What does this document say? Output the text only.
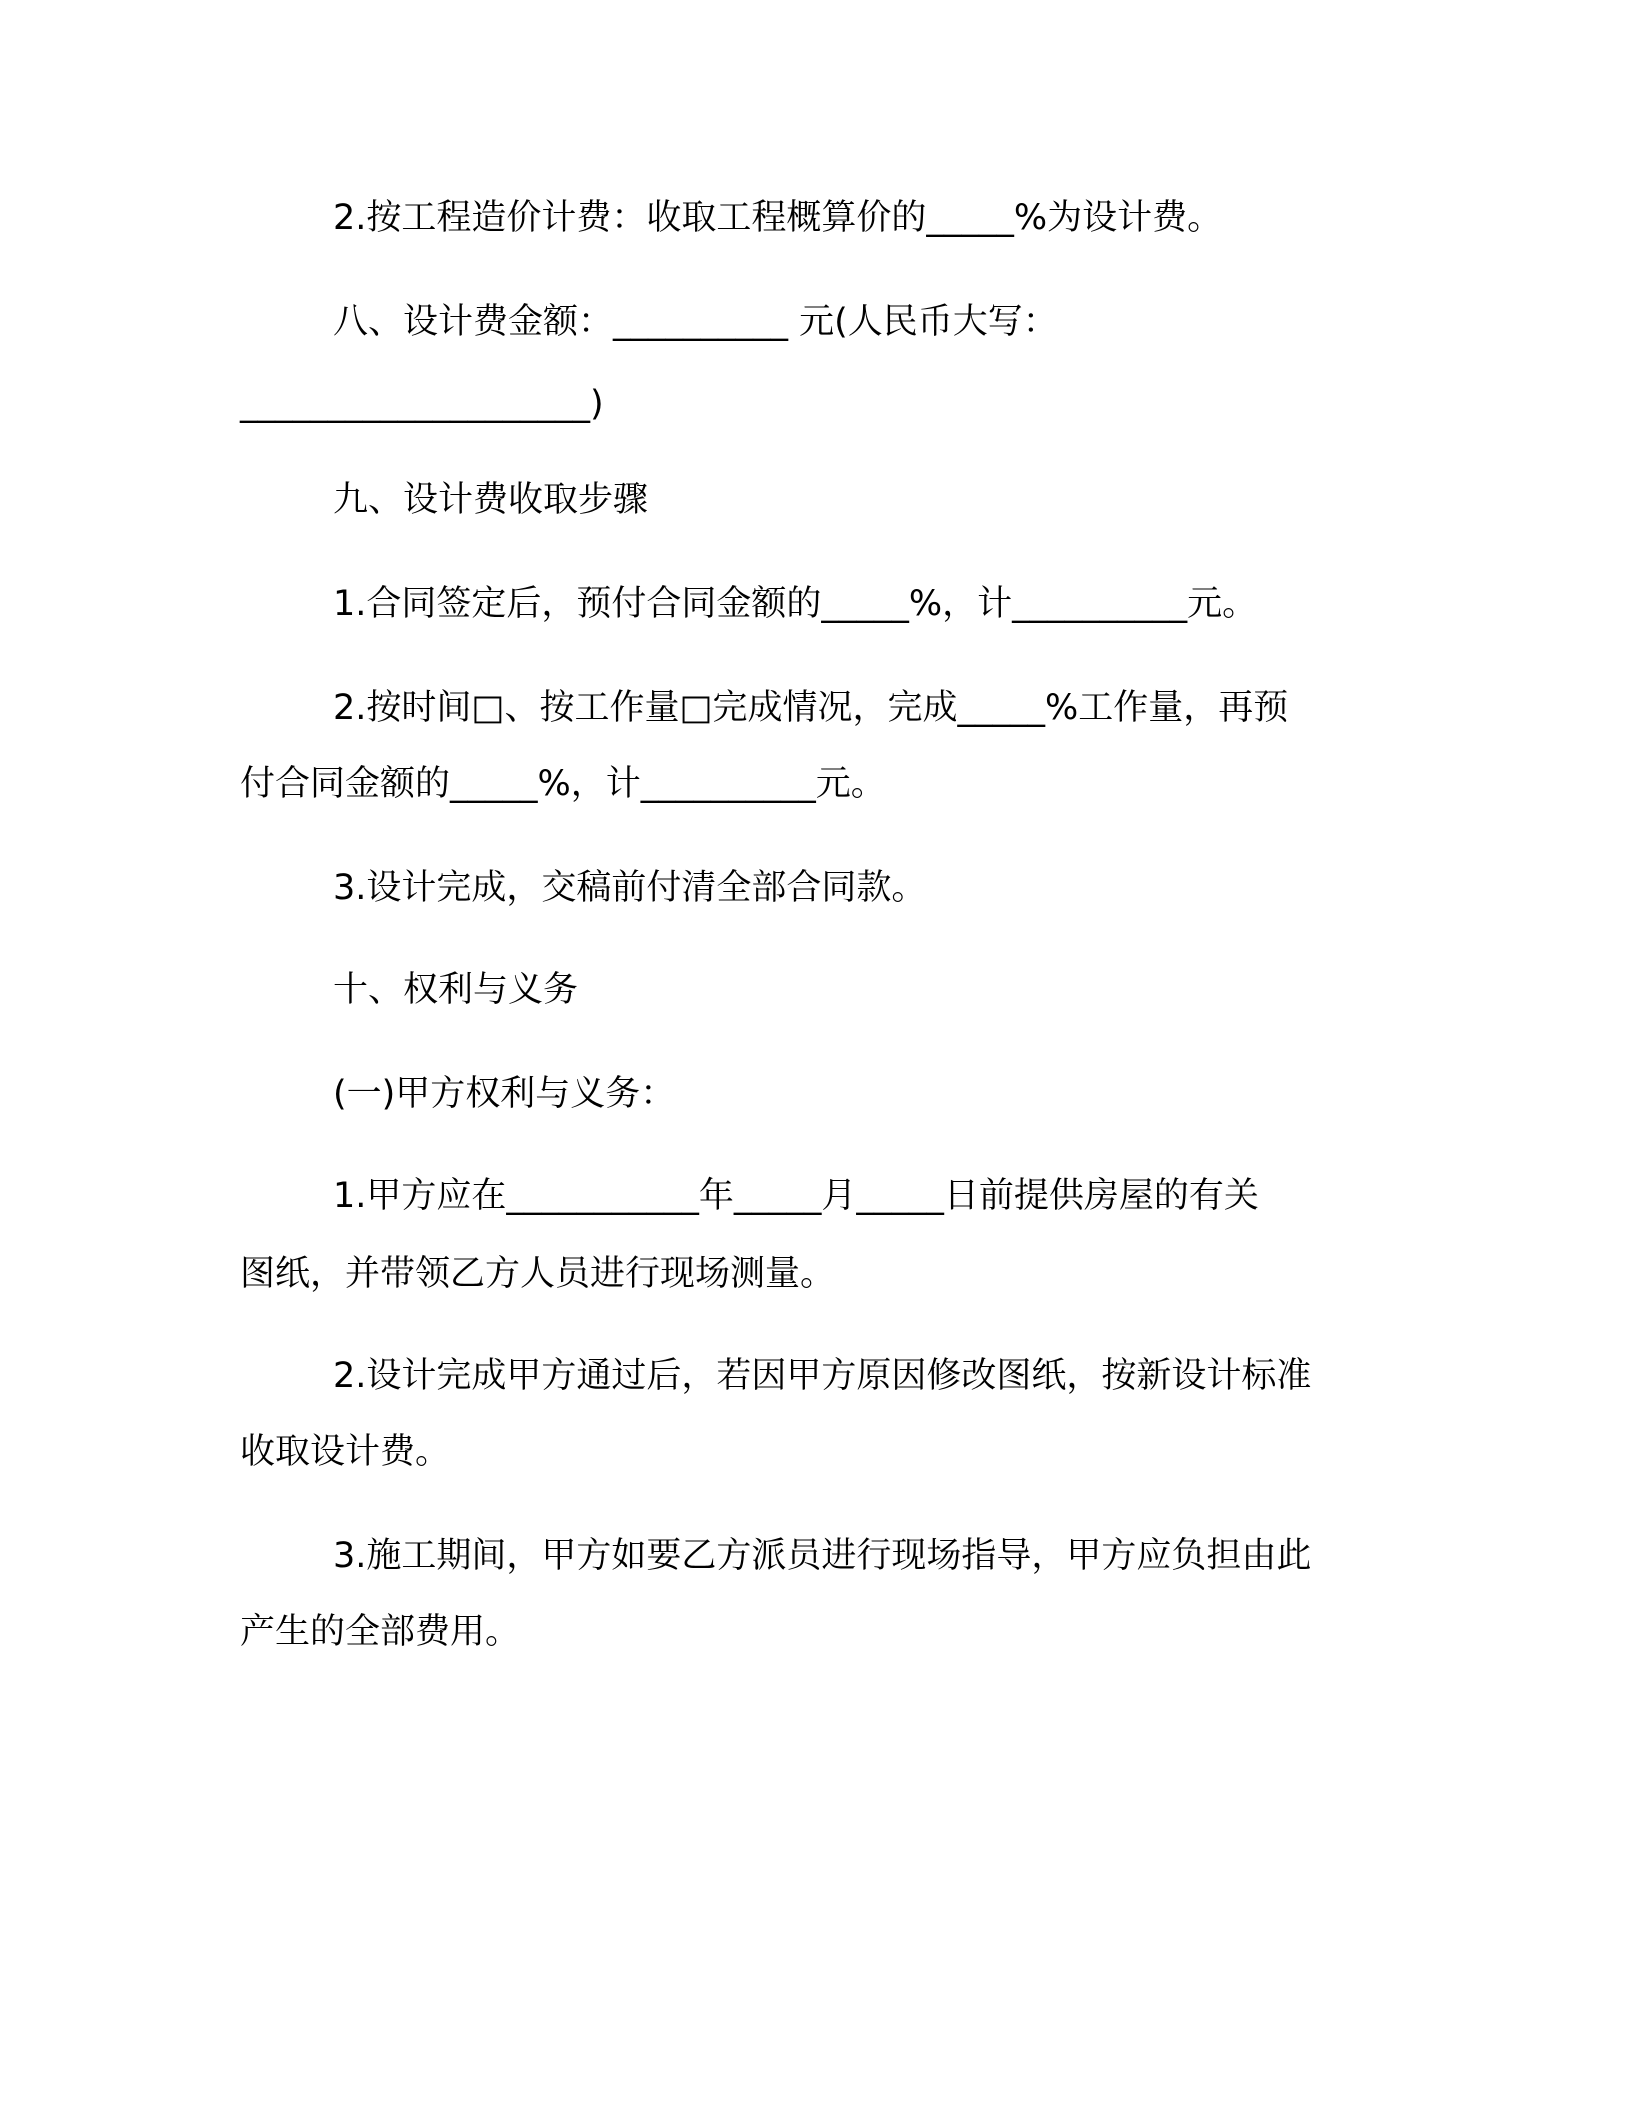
2.按工程造价计费：收取工程概算价的_____%为设计费。
八、设计费金额：__________ 元(人民币大写：
____________________)
九、设计费收取步骤
1.合同签定后，预付合同金额的_____%，计__________元。
2.按时间□、按工作量□完成情况，完成_____%工作量，再预
付合同金额的_____%，计__________元。
3.设计完成，交稿前付清全部合同款。
十、权利与义务
(一)甲方权利与义务：
1.甲方应在___________年_____月_____日前提供房屋的有关
图纸，并带领乙方人员进行现场测量。
2.设计完成甲方通过后，若因甲方原因修改图纸，按新设计标准
收取设计费。
3.施工期间，甲方如要乙方派员进行现场指导，甲方应负担由此
产生的全部费用。
